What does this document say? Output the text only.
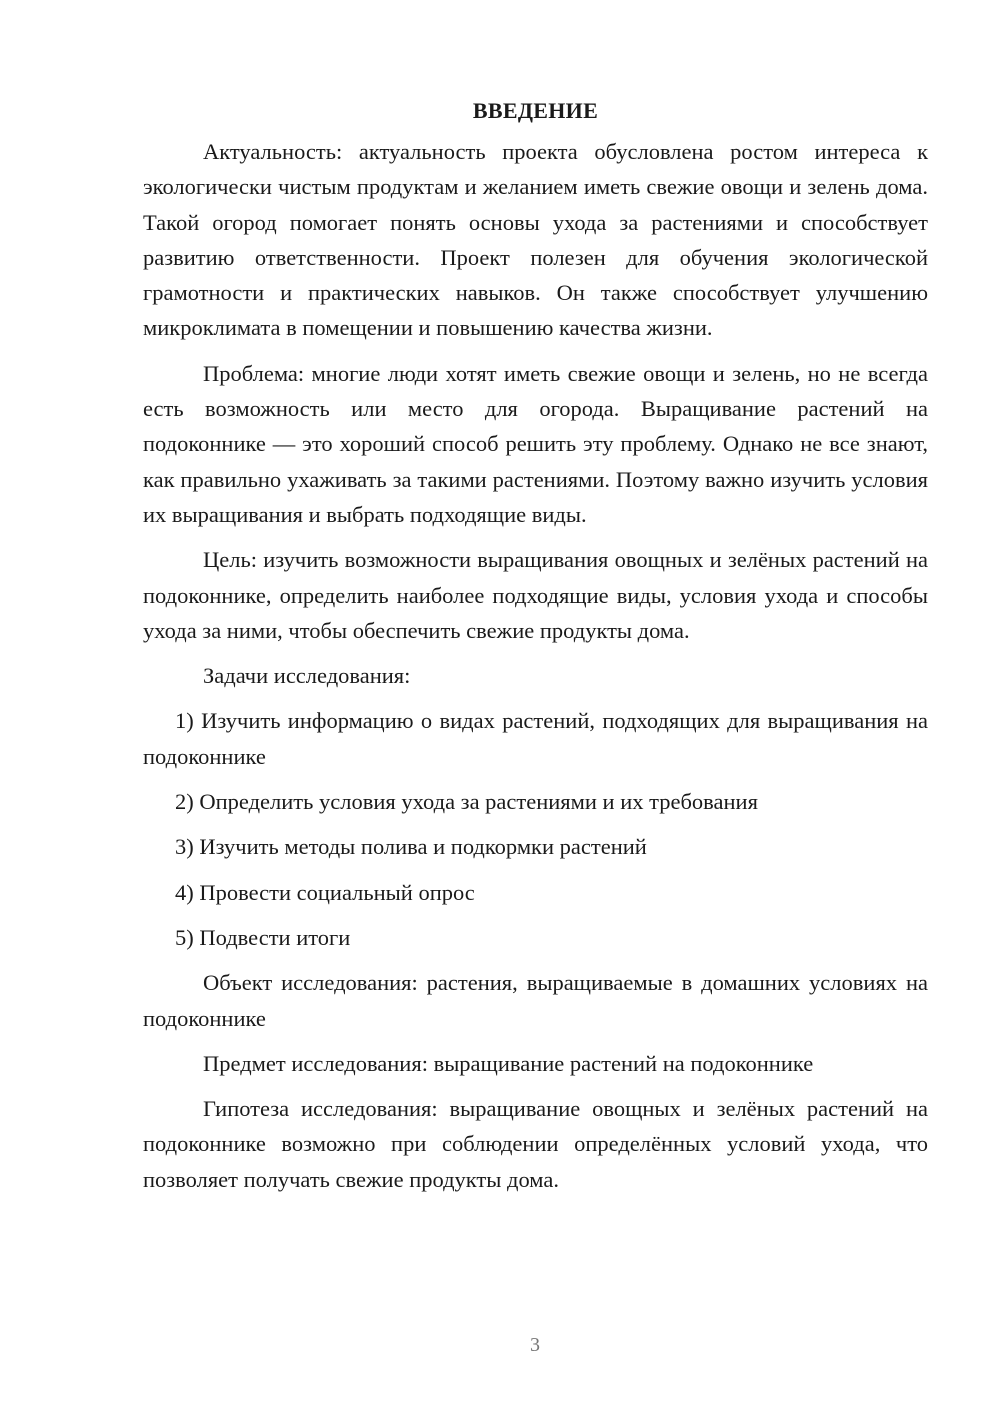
ВВЕДЕНИЕ

Актуальность: актуальность проекта обусловлена ростом интереса к экологически чистым продуктам и желанием иметь свежие овощи и зелень дома. Такой огород помогает понять основы ухода за растениями и способствует развитию ответственности. Проект полезен для обучения экологической грамотности и практических навыков. Он также способствует улучшению микроклимата в помещении и повышению качества жизни.

Проблема: многие люди хотят иметь свежие овощи и зелень, но не всегда есть возможность или место для огорода. Выращивание растений на подоконнике — это хороший способ решить эту проблему. Однако не все знают, как правильно ухаживать за такими растениями. Поэтому важно изучить условия их выращивания и выбрать подходящие виды.

Цель: изучить возможности выращивания овощных и зелёных растений на подоконнике, определить наиболее подходящие виды, условия ухода и способы ухода за ними, чтобы обеспечить свежие продукты дома.

Задачи исследования:

1) Изучить информацию о видах растений, подходящих для выращивания на подоконнике

2) Определить условия ухода за растениями и их требования

3) Изучить методы полива и подкормки растений

4) Провести социальный опрос

5) Подвести итоги

Объект исследования: растения, выращиваемые в домашних условиях на подоконнике

Предмет исследования: выращивание растений на подоконнике

Гипотеза исследования: выращивание овощных и зелёных растений на подоконнике возможно при соблюдении определённых условий ухода, что позволяет получать свежие продукты дома.

3
